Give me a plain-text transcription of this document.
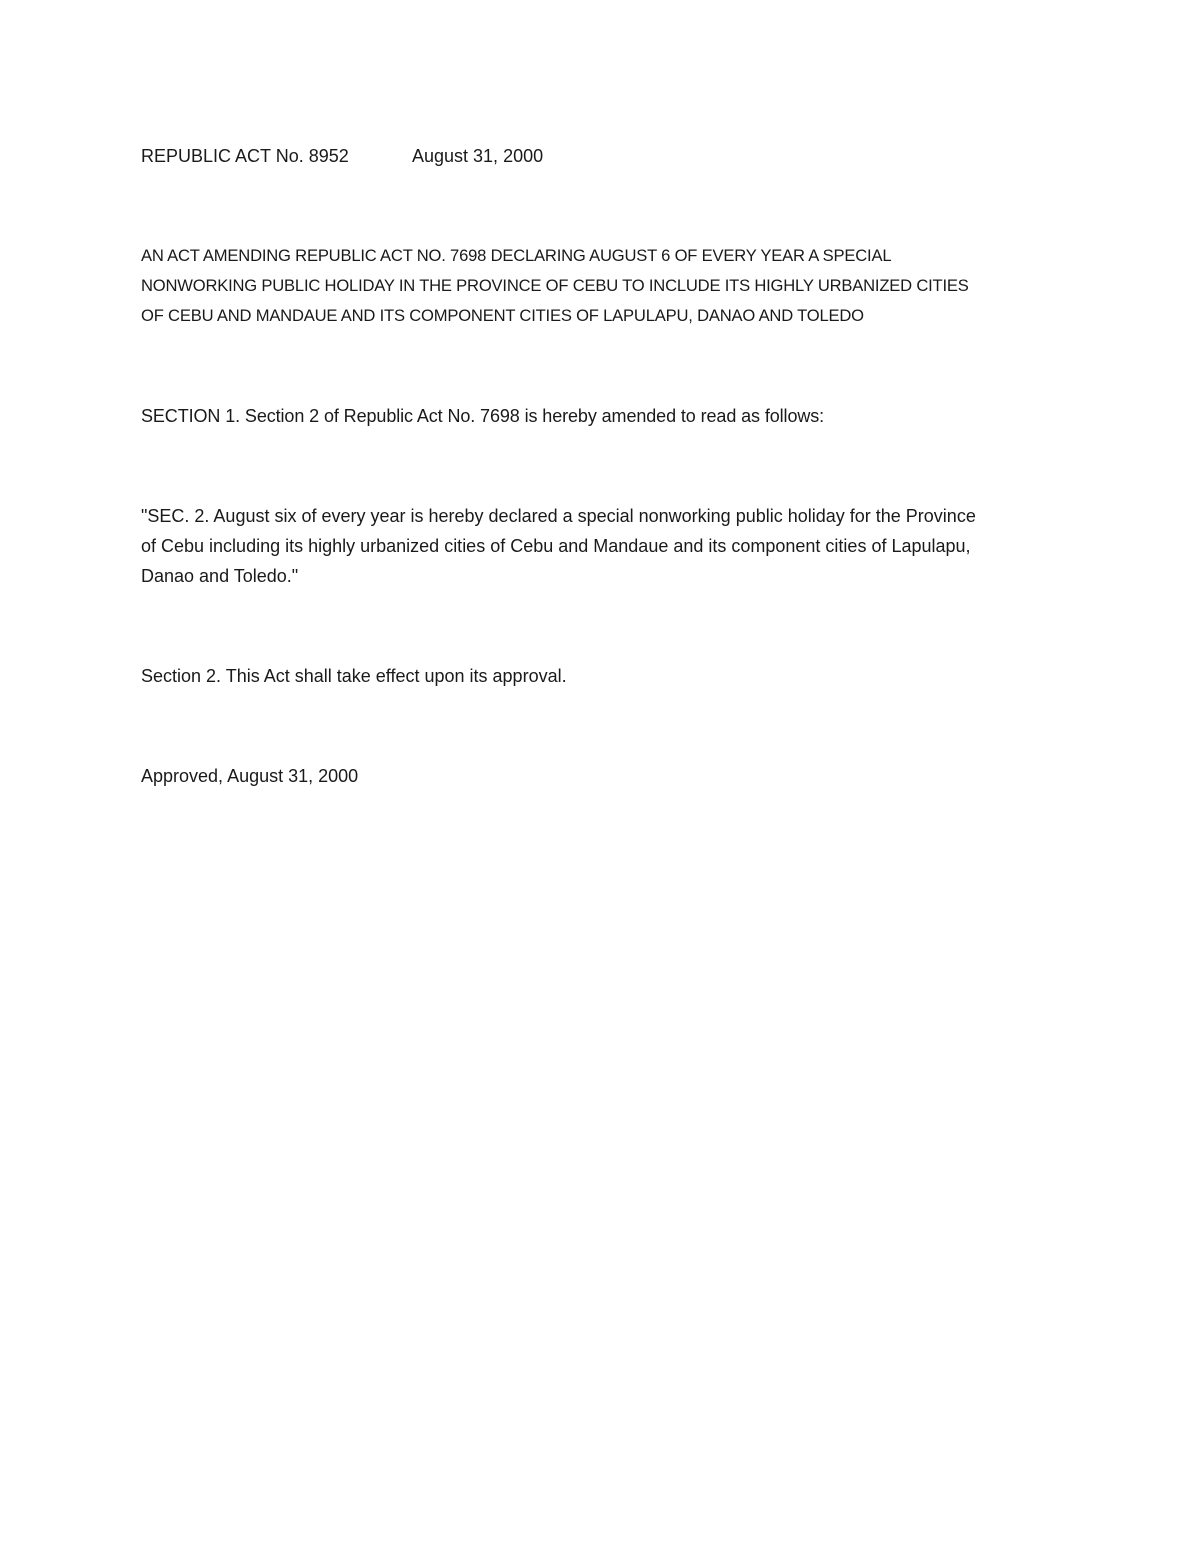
REPUBLIC ACT No. 8952	August 31, 2000

AN ACT AMENDING REPUBLIC ACT NO. 7698 DECLARING AUGUST 6 OF EVERY YEAR A SPECIAL
NONWORKING PUBLIC HOLIDAY IN THE PROVINCE OF CEBU TO INCLUDE ITS HIGHLY URBANIZED CITIES
OF CEBU AND MANDAUE AND ITS COMPONENT CITIES OF LAPULAPU, DANAO AND TOLEDO

SECTION 1. Section 2 of Republic Act No. 7698 is hereby amended to read as follows:

"SEC. 2. August six of every year is hereby declared a special nonworking public holiday for the Province
of Cebu including its highly urbanized cities of Cebu and Mandaue and its component cities of Lapulapu,
Danao and Toledo."

Section 2. This Act shall take effect upon its approval.

Approved, August 31, 2000
